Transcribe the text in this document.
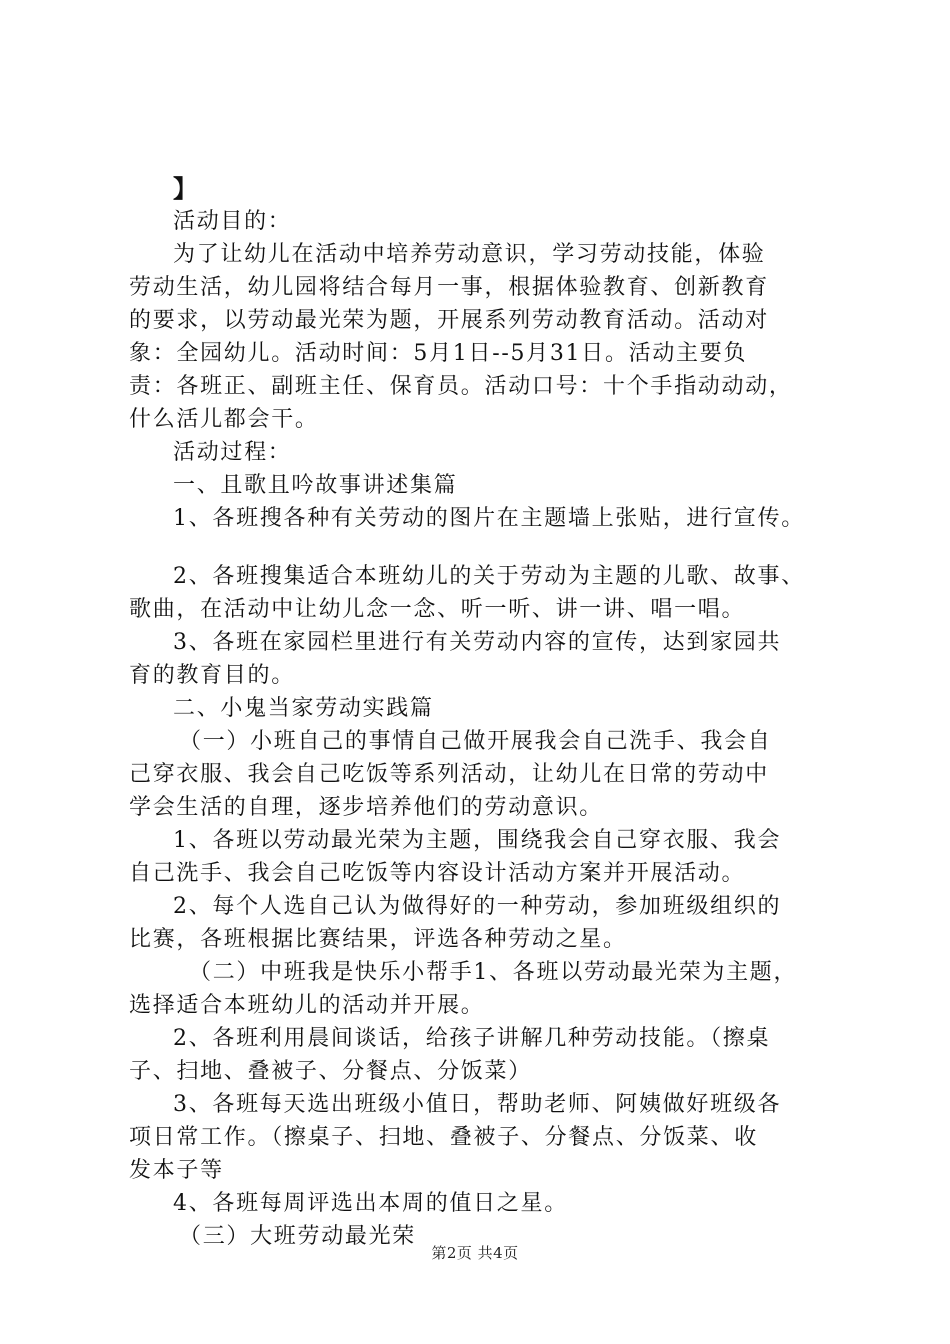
】
活动目的：
为了让幼儿在活动中培养劳动意识，学习劳动技能，体验
劳动生活，幼儿园将结合每月一事，根据体验教育、创新教育
的要求，以劳动最光荣为题，开展系列劳动教育活动。活动对
象：全园幼儿。活动时间：5月1日--5月31日。活动主要负
责：各班正、副班主任、保育员。活动口号：十个手指动动动，
什么活儿都会干。
活动过程：
一、且歌且吟故事讲述集篇
1、各班搜各种有关劳动的图片在主题墙上张贴，进行宣传。
2、各班搜集适合本班幼儿的关于劳动为主题的儿歌、故事、
歌曲，在活动中让幼儿念一念、听一听、讲一讲、唱一唱。
3、各班在家园栏里进行有关劳动内容的宣传，达到家园共
育的教育目的。
二、小鬼当家劳动实践篇
（一）小班自己的事情自己做开展我会自己洗手、我会自
己穿衣服、我会自己吃饭等系列活动，让幼儿在日常的劳动中
学会生活的自理，逐步培养他们的劳动意识。
1、各班以劳动最光荣为主题，围绕我会自己穿衣服、我会
自己洗手、我会自己吃饭等内容设计活动方案并开展活动。
2、每个人选自己认为做得好的一种劳动，参加班级组织的
比赛，各班根据比赛结果，评选各种劳动之星。
（二）中班我是快乐小帮手1、各班以劳动最光荣为主题，
选择适合本班幼儿的活动并开展。
2、各班利用晨间谈话，给孩子讲解几种劳动技能。（擦桌
子、扫地、叠被子、分餐点、分饭菜）
3、各班每天选出班级小值日，帮助老师、阿姨做好班级各
项日常工作。（擦桌子、扫地、叠被子、分餐点、分饭菜、收
发本子等
4、各班每周评选出本周的值日之星。
（三）大班劳动最光荣
第2页 共4页
